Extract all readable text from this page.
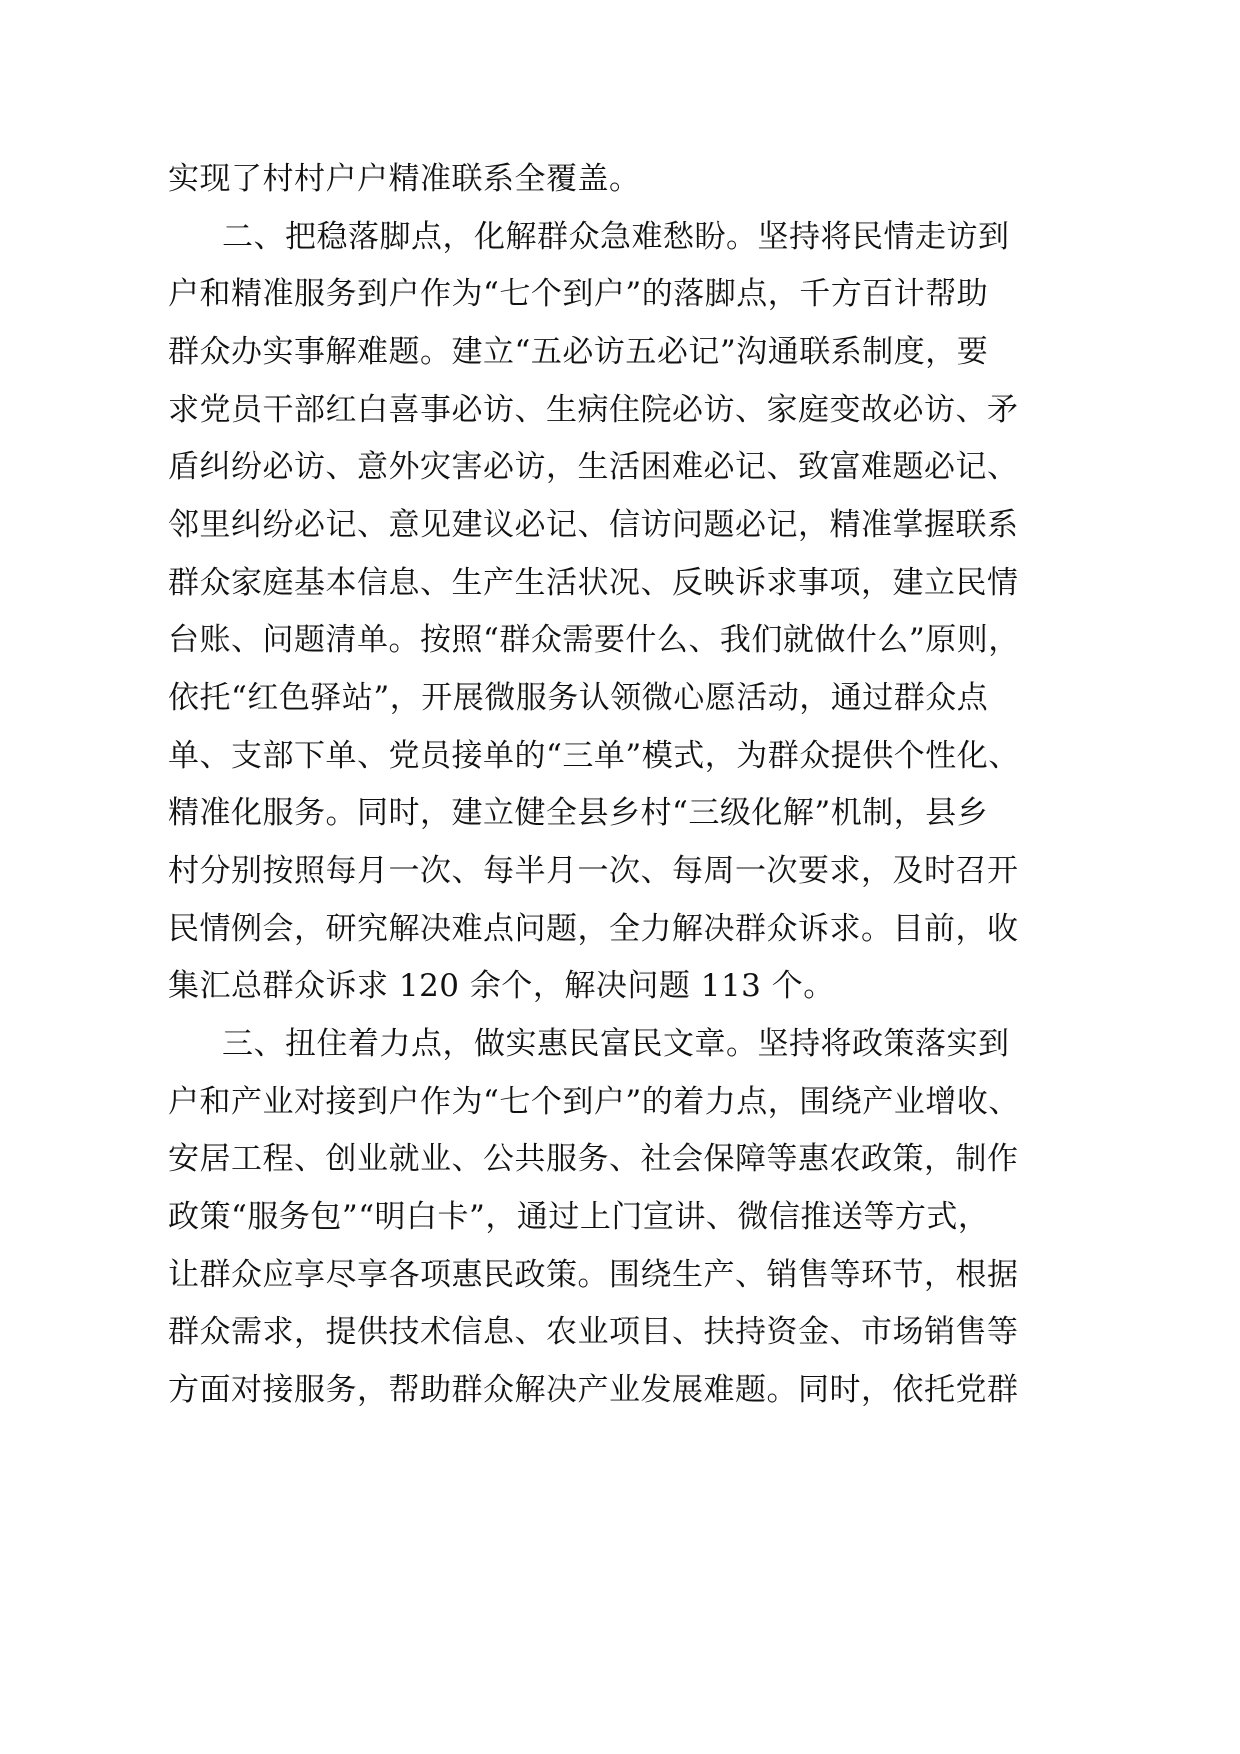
实现了村村户户精准联系全覆盖。
二、把稳落脚点，化解群众急难愁盼。坚持将民情走访到
户和精准服务到户作为“七个到户”的落脚点，千方百计帮助
群众办实事解难题。建立“五必访五必记”沟通联系制度，要
求党员干部红白喜事必访、生病住院必访、家庭变故必访、矛
盾纠纷必访、意外灾害必访，生活困难必记、致富难题必记、
邻里纠纷必记、意见建议必记、信访问题必记，精准掌握联系
群众家庭基本信息、生产生活状况、反映诉求事项，建立民情
台账、问题清单。按照“群众需要什么、我们就做什么”原则，
依托“红色驿站”，开展微服务认领微心愿活动，通过群众点
单、支部下单、党员接单的“三单”模式，为群众提供个性化、
精准化服务。同时，建立健全县乡村“三级化解”机制，县乡
村分别按照每月一次、每半月一次、每周一次要求，及时召开
民情例会，研究解决难点问题，全力解决群众诉求。目前，收
集汇总群众诉求 120 余个，解决问题 113 个。
三、扭住着力点，做实惠民富民文章。坚持将政策落实到
户和产业对接到户作为“七个到户”的着力点，围绕产业增收、
安居工程、创业就业、公共服务、社会保障等惠农政策，制作
政策“服务包”“明白卡”，通过上门宣讲、微信推送等方式，
让群众应享尽享各项惠民政策。围绕生产、销售等环节，根据
群众需求，提供技术信息、农业项目、扶持资金、市场销售等
方面对接服务，帮助群众解决产业发展难题。同时，依托党群
